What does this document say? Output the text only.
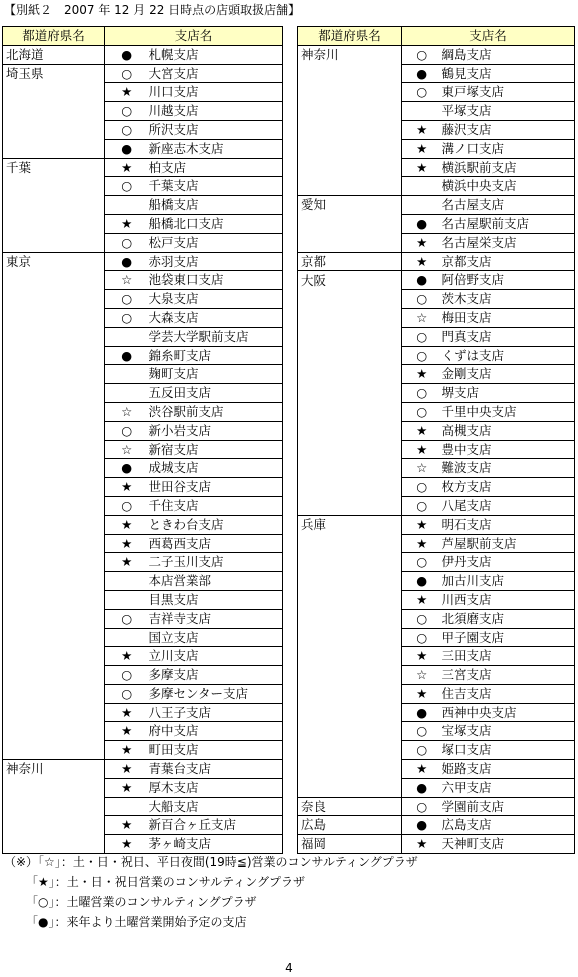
【別紙２　2007 年 12 月 22 日時点の店頭取扱店舗】
都道府県名	支店名	
北海道	●	札幌支店
埼玉県	○	大宮支店
	★	川口支店
	○	川越支店
	○	所沢支店
	●	新座志木支店
千葉	★	柏支店
	○	千葉支店
		船橋支店
	★	船橋北口支店
	○	松戸支店
東京	●	赤羽支店
	☆	池袋東口支店
	○	大泉支店
	○	大森支店
		学芸大学駅前支店
	●	錦糸町支店
		麹町支店
		五反田支店
	☆	渋谷駅前支店
	○	新小岩支店
	☆	新宿支店
	●	成城支店
	★	世田谷支店
	○	千住支店
	★	ときわ台支店
	★	西葛西支店
	★	二子玉川支店
		本店営業部
		目黒支店
	○	吉祥寺支店
		国立支店
	★	立川支店
	○	多摩支店
	○	多摩センター支店
	★	八王子支店
	★	府中支店
	★	町田支店
神奈川	★	青葉台支店
	★	厚木支店
		大船支店
	★	新百合ヶ丘支店
	★	茅ヶ崎支店
都道府県名	支店名	
神奈川	○	綱島支店
	●	鶴見支店
	○	東戸塚支店
		平塚支店
	★	藤沢支店
	★	溝ノ口支店
	★	横浜駅前支店
		横浜中央支店
愛知		名古屋支店
	●	名古屋駅前支店
	★	名古屋栄支店
京都	★	京都支店
大阪	●	阿倍野支店
	○	茨木支店
	☆	梅田支店
	○	門真支店
	○	くずは支店
	★	金剛支店
	○	堺支店
	○	千里中央支店
	★	高槻支店
	★	豊中支店
	☆	難波支店
	○	枚方支店
	○	八尾支店
兵庫	★	明石支店
	★	芦屋駅前支店
	○	伊丹支店
	●	加古川支店
	★	川西支店
	○	北須磨支店
	○	甲子園支店
	★	三田支店
	☆	三宮支店
	★	住吉支店
	●	西神中央支店
	○	宝塚支店
	○	塚口支店
	★	姫路支店
	●	六甲支店
奈良	○	学園前支店
広島	●	広島支店
福岡	★	天神町支店
（※）「☆」：土・日・祝日、平日夜間(19時≦)営業のコンサルティングプラザ
「★」：土・日・祝日営業のコンサルティングプラザ
「○」：土曜営業のコンサルティングプラザ
「●」：来年より土曜営業開始予定の支店
4
